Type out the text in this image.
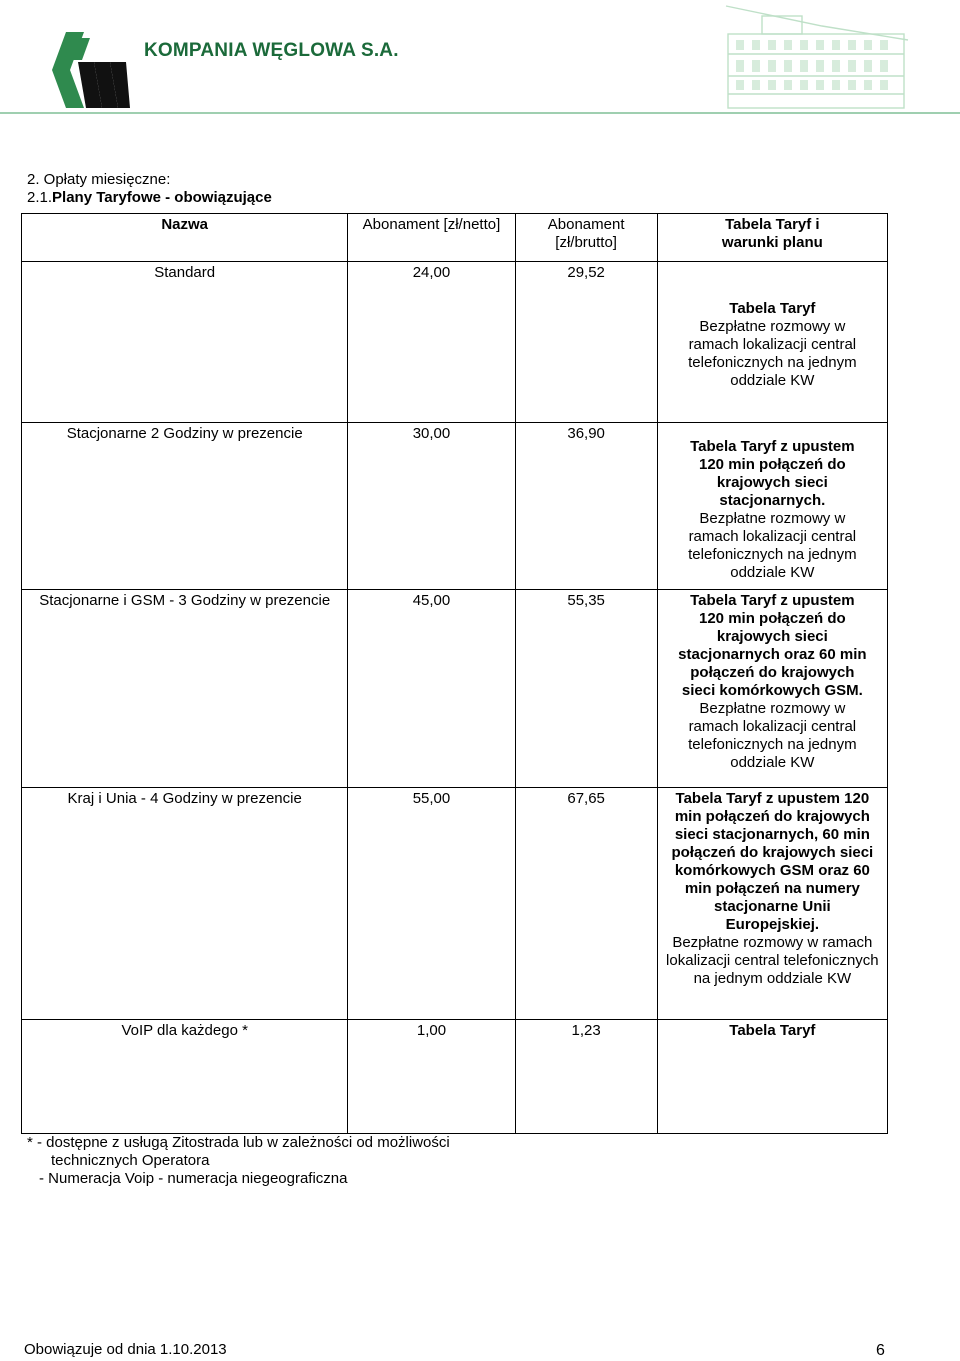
KOMPANIA WĘGLOWA S.A.
2. Opłaty miesięczne:
2.1.Plany Taryfowe - obowiązujące
Nazwa	Abonament [zł/netto]	Abonament [zł/brutto]	Tabela Taryf i warunki planu

Standard	24,00	29,52	Tabela Taryf
Bezpłatne rozmowy w ramach lokalizacji central telefonicznych na jednym oddziale KW

Stacjonarne 2 Godziny w prezencie	30,00	36,90	Tabela Taryf z upustem 120 min połączeń do krajowych sieci stacjonarnych.
Bezpłatne rozmowy w ramach lokalizacji central telefonicznych na jednym oddziale KW

Stacjonarne i GSM - 3 Godziny w prezencie	45,00	55,35	Tabela Taryf z upustem 120 min połączeń do krajowych sieci stacjonarnych oraz 60 min połączeń do krajowych sieci komórkowych GSM.
Bezpłatne rozmowy w ramach lokalizacji central telefonicznych na jednym oddziale KW

Kraj i Unia - 4 Godziny w prezencie	55,00	67,65	Tabela Taryf z upustem 120 min połączeń do krajowych sieci stacjonarnych, 60 min połączeń do krajowych sieci komórkowych GSM oraz 60 min połączeń na numery stacjonarne Unii Europejskiej.
Bezpłatne rozmowy w ramach lokalizacji central telefonicznych na jednym oddziale KW

VoIP dla każdego *	1,00	1,23	Tabela Taryf
* - dostępne z usługą Zitostrada lub w zależności od możliwości
technicznych Operatora
- Numeracja Voip - numeracja niegeograficzna
Obowiązuje od dnia 1.10.2013	6
